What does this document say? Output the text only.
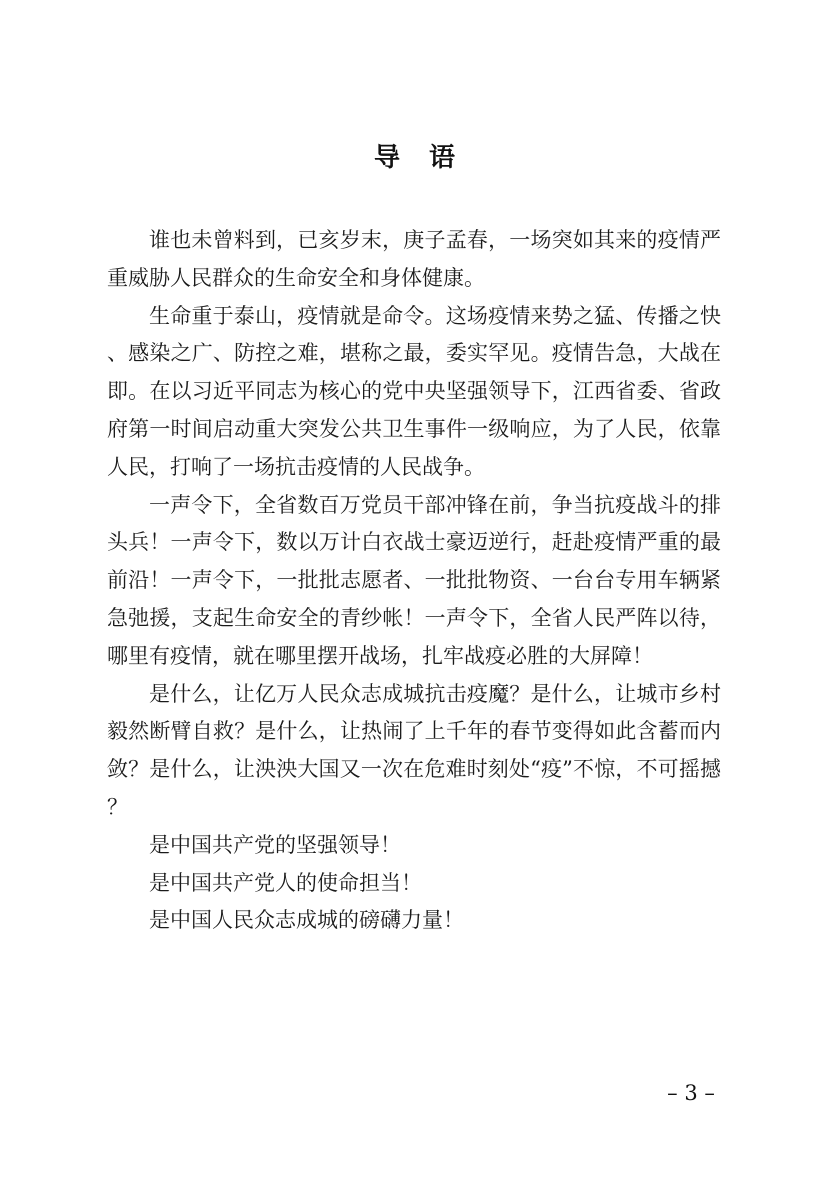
导 语

谁也未曾料到，已亥岁末，庚子孟春，一场突如其来的疫情严重威胁人民群众的生命安全和身体健康。

生命重于泰山，疫情就是命令。这场疫情来势之猛、传播之快、感染之广、防控之难，堪称之最，委实罕见。疫情告急，大战在即。在以习近平同志为核心的党中央坚强领导下，江西省委、省政府第一时间启动重大突发公共卫生事件一级响应，为了人民，依靠人民，打响了一场抗击疫情的人民战争。

一声令下，全省数百万党员干部冲锋在前，争当抗疫战斗的排头兵！一声令下，数以万计白衣战士豪迈逆行，赶赴疫情严重的最前沿！一声令下，一批批志愿者、一批批物资、一台台专用车辆紧急弛援，支起生命安全的青纱帐！一声令下，全省人民严阵以待，哪里有疫情，就在哪里摆开战场，扎牢战疫必胜的大屏障！

是什么，让亿万人民众志成城抗击疫魔？是什么，让城市乡村毅然断臂自救？是什么，让热闹了上千年的春节变得如此含蓄而内敛？是什么，让泱泱大国又一次在危难时刻处“疫”不惊，不可摇撼？

是中国共产党的坚强领导！

是中国共产党人的使命担当！

是中国人民众志成城的磅礴力量！

– 3 –
